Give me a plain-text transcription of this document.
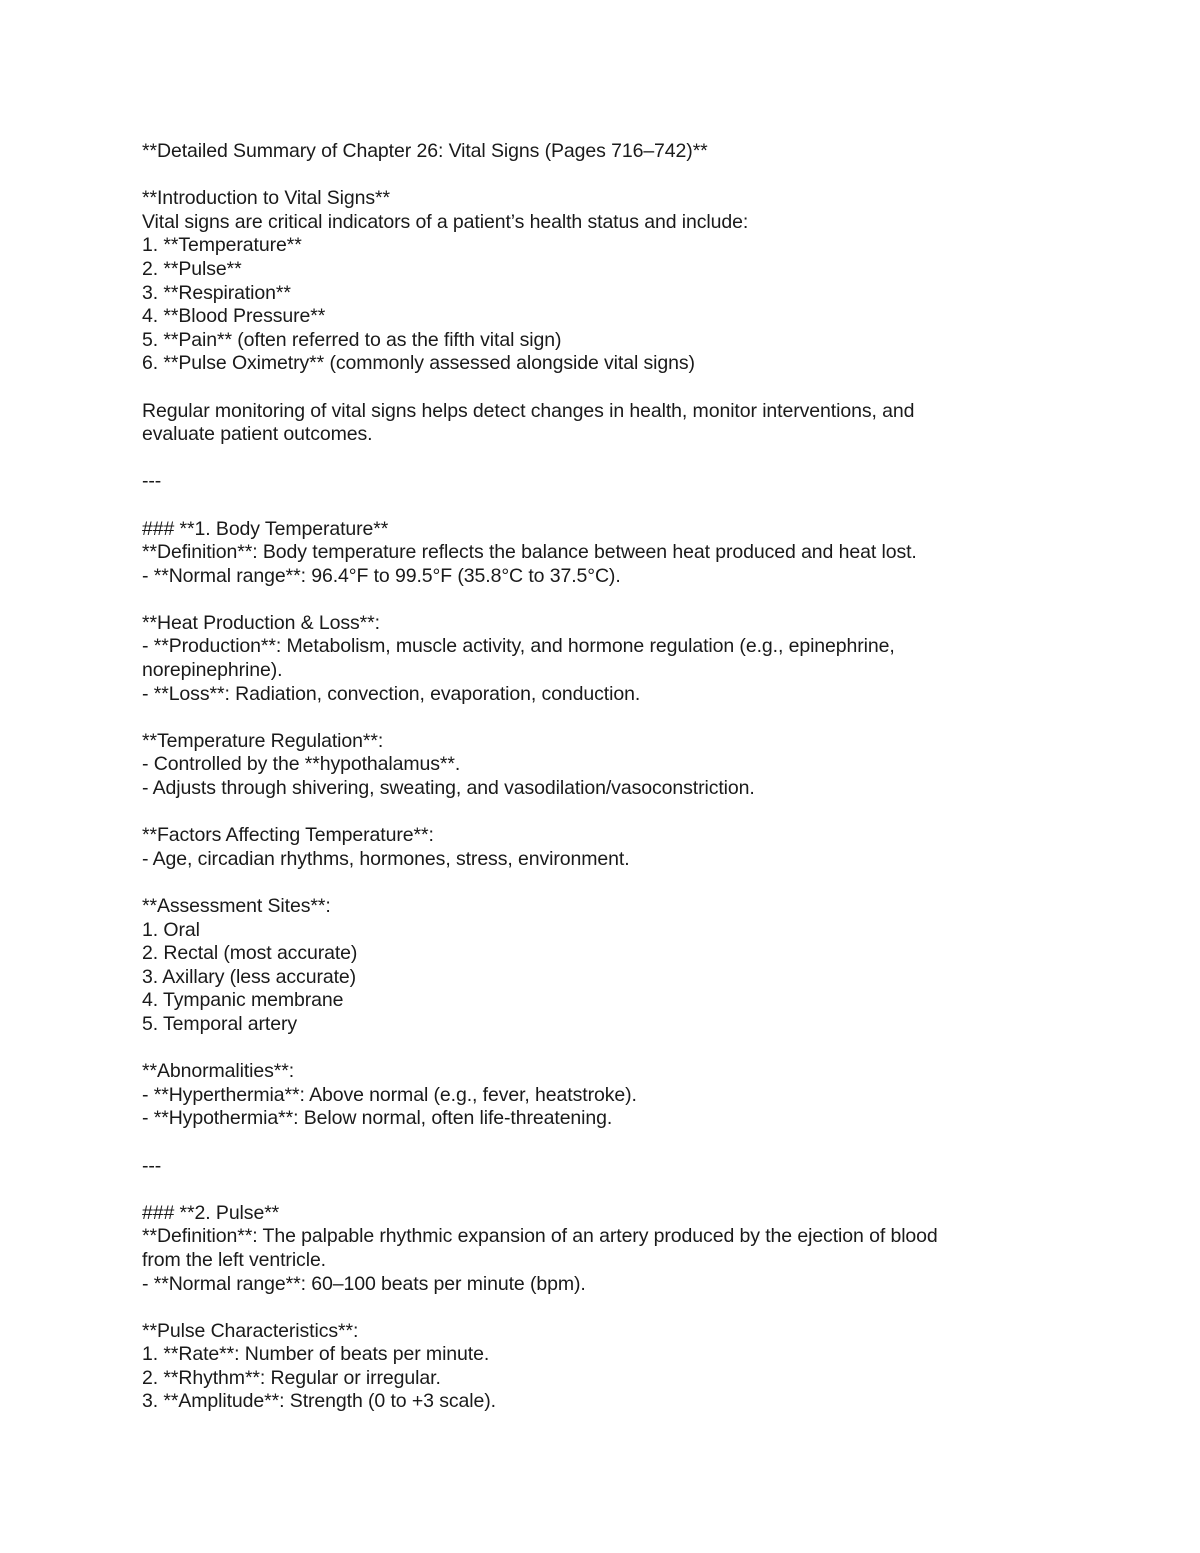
**Detailed Summary of Chapter 26: Vital Signs (Pages 716–742)**
**Introduction to Vital Signs**
Vital signs are critical indicators of a patient’s health status and include:
1. **Temperature**
2. **Pulse**
3. **Respiration**
4. **Blood Pressure**
5. **Pain** (often referred to as the fifth vital sign)
6. **Pulse Oximetry** (commonly assessed alongside vital signs)
Regular monitoring of vital signs helps detect changes in health, monitor interventions, and
evaluate patient outcomes.
---
### **1. Body Temperature**
**Definition**: Body temperature reflects the balance between heat produced and heat lost.
- **Normal range**: 96.4°F to 99.5°F (35.8°C to 37.5°C).
**Heat Production & Loss**:
- **Production**: Metabolism, muscle activity, and hormone regulation (e.g., epinephrine,
norepinephrine).
- **Loss**: Radiation, convection, evaporation, conduction.
**Temperature Regulation**:
- Controlled by the **hypothalamus**.
- Adjusts through shivering, sweating, and vasodilation/vasoconstriction.
**Factors Affecting Temperature**:
- Age, circadian rhythms, hormones, stress, environment.
**Assessment Sites**:
1. Oral
2. Rectal (most accurate)
3. Axillary (less accurate)
4. Tympanic membrane
5. Temporal artery
**Abnormalities**:
- **Hyperthermia**: Above normal (e.g., fever, heatstroke).
- **Hypothermia**: Below normal, often life-threatening.
---
### **2. Pulse**
**Definition**: The palpable rhythmic expansion of an artery produced by the ejection of blood
from the left ventricle.
- **Normal range**: 60–100 beats per minute (bpm).
**Pulse Characteristics**:
1. **Rate**: Number of beats per minute.
2. **Rhythm**: Regular or irregular.
3. **Amplitude**: Strength (0 to +3 scale).
